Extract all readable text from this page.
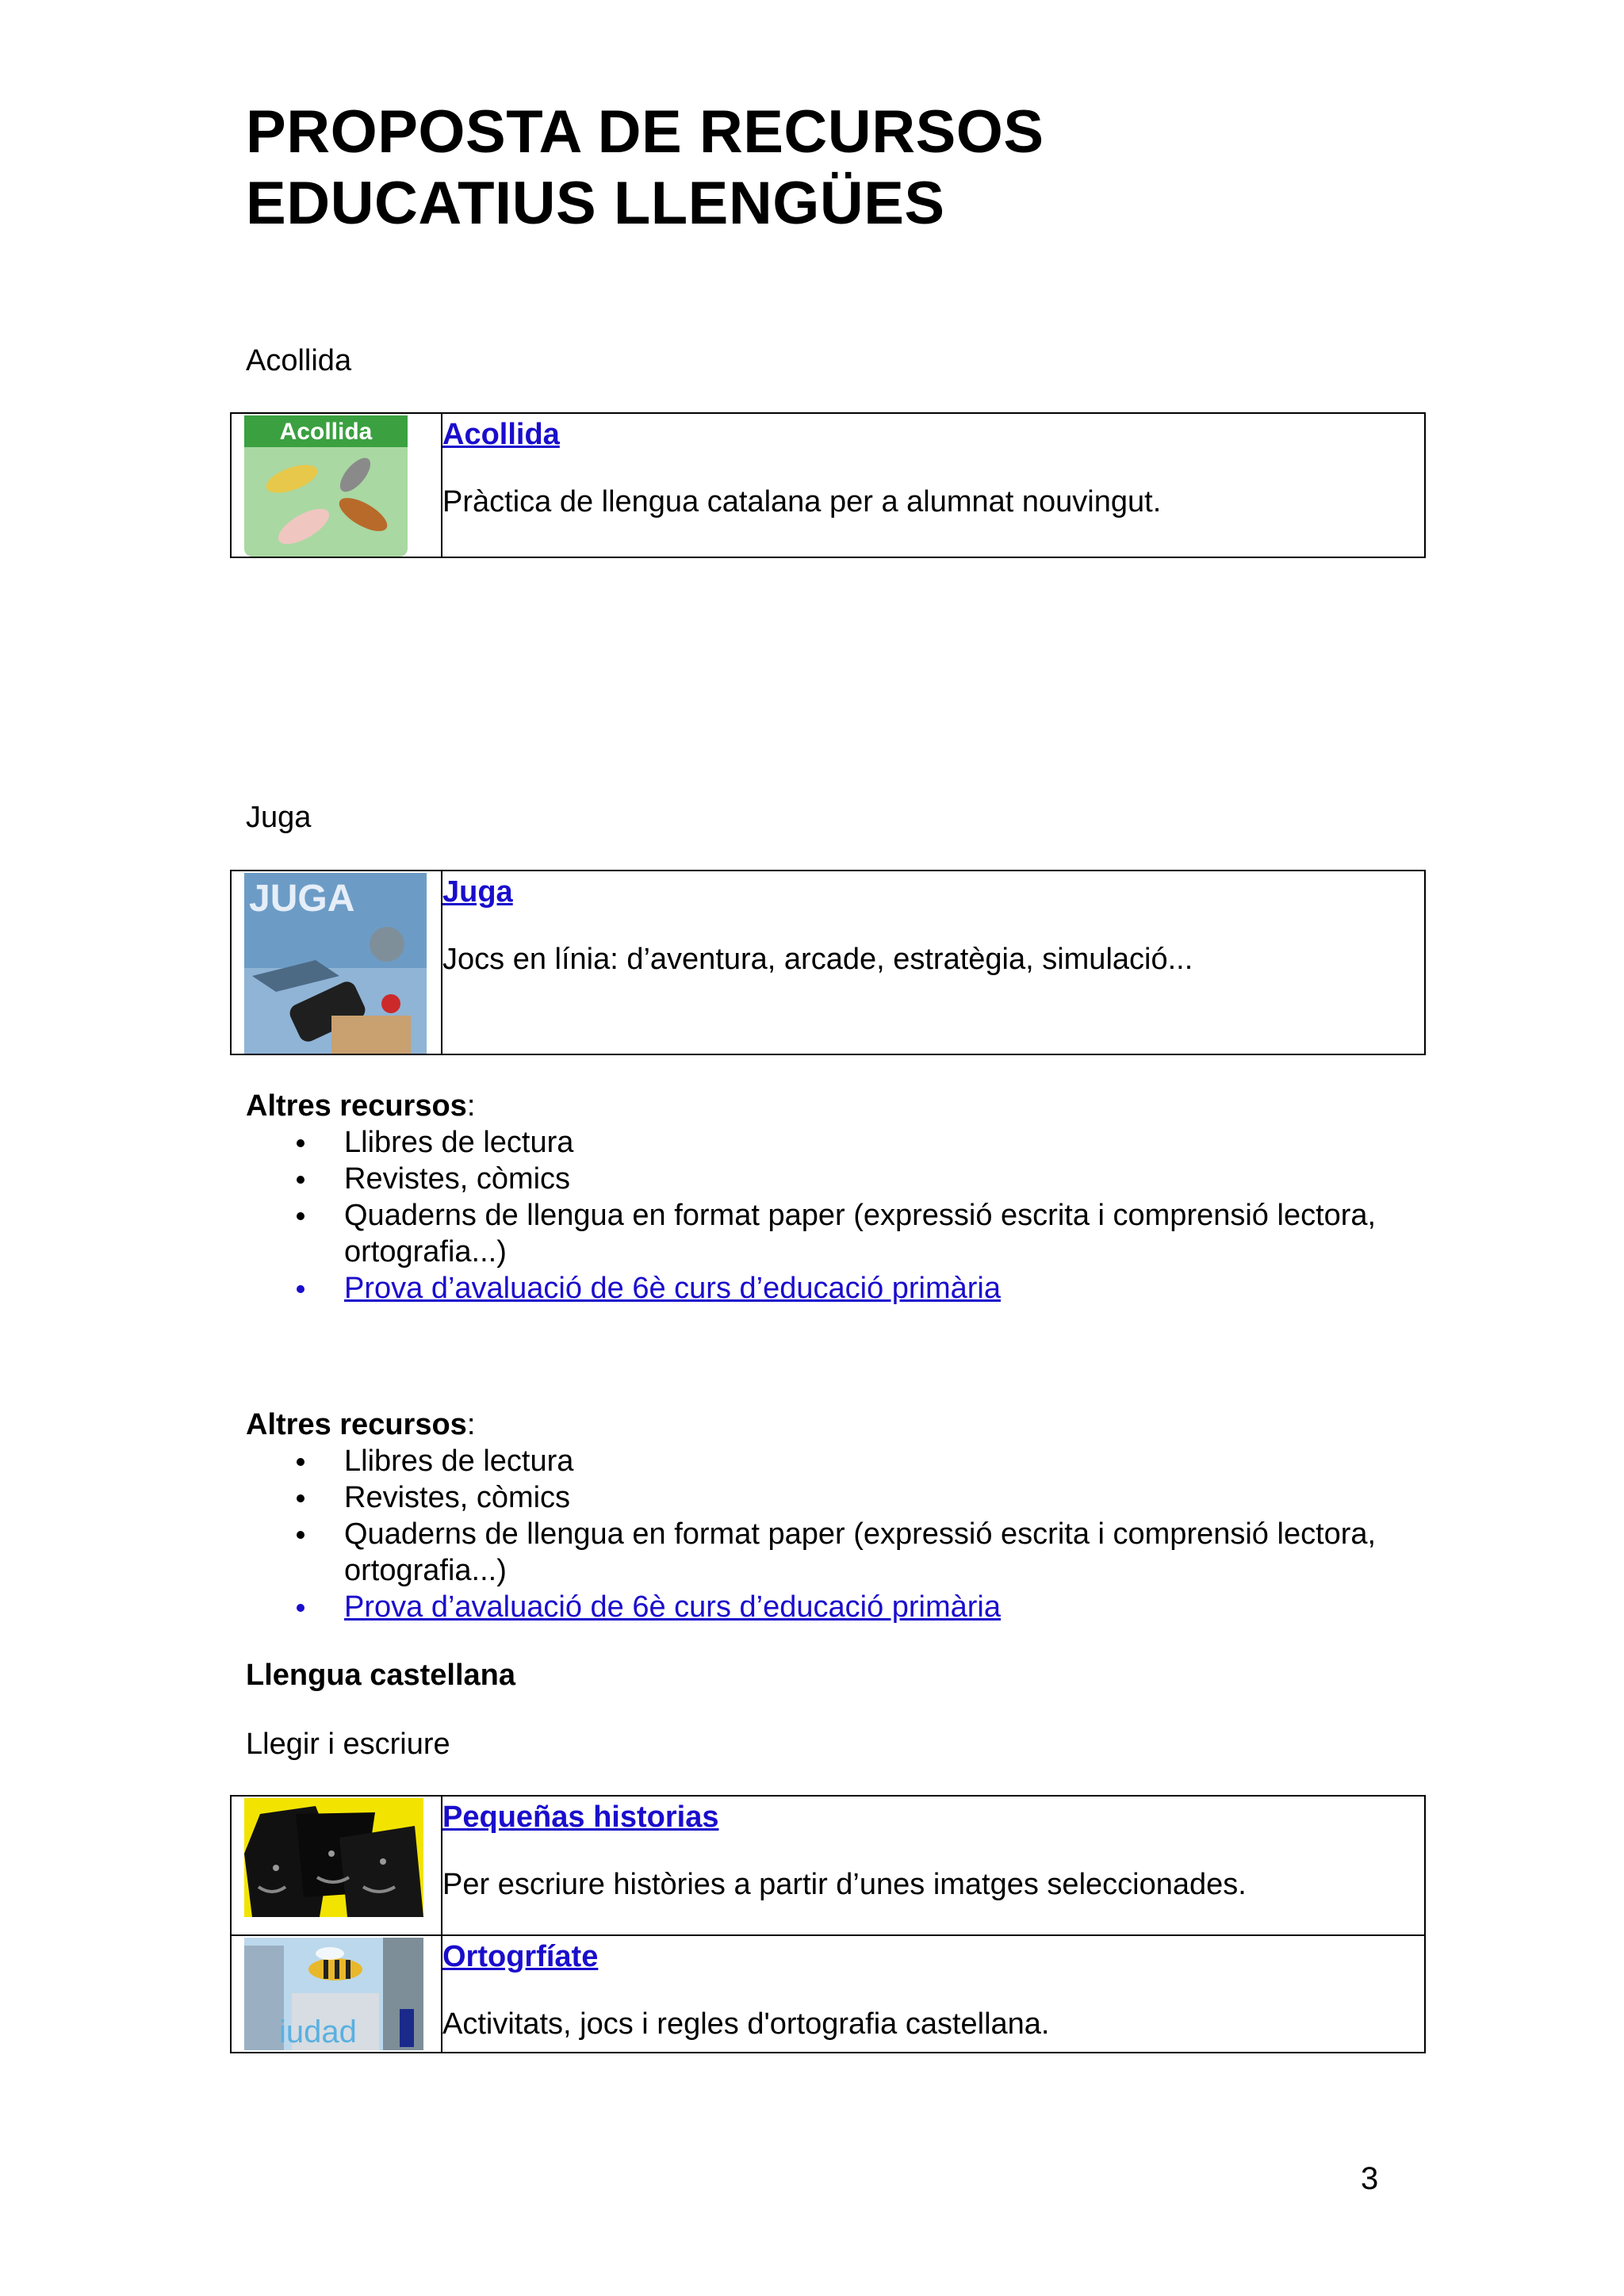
PROPOSTA DE RECURSOS
EDUCATIUS LLENGÜES
Acollida
Acollida	Acollida
Pràctica de llengua catalana per a alumnat nouvingut.
Juga
JUGA	Juga
Jocs en línia: d’aventura, arcade, estratègia, simulació...
Altres recursos:
Llibres de lectura
Revistes, còmics
Quaderns de llengua en format paper (expressió escrita i comprensió lectora, ortografia...)
Prova d’avaluació de 6è curs d’educació primària
Altres recursos:
Llibres de lectura
Revistes, còmics
Quaderns de llengua en format paper (expressió escrita i comprensió lectora, ortografia...)
Prova d’avaluació de 6è curs d’educació primària
Llengua castellana
Llegir i escriure

Pequeñas historias
Per escriure històries a partir d’unes imatges seleccionades.

iudad	Ortogrfíate
Activitats, jocs i regles d'ortografia castellana.
3
